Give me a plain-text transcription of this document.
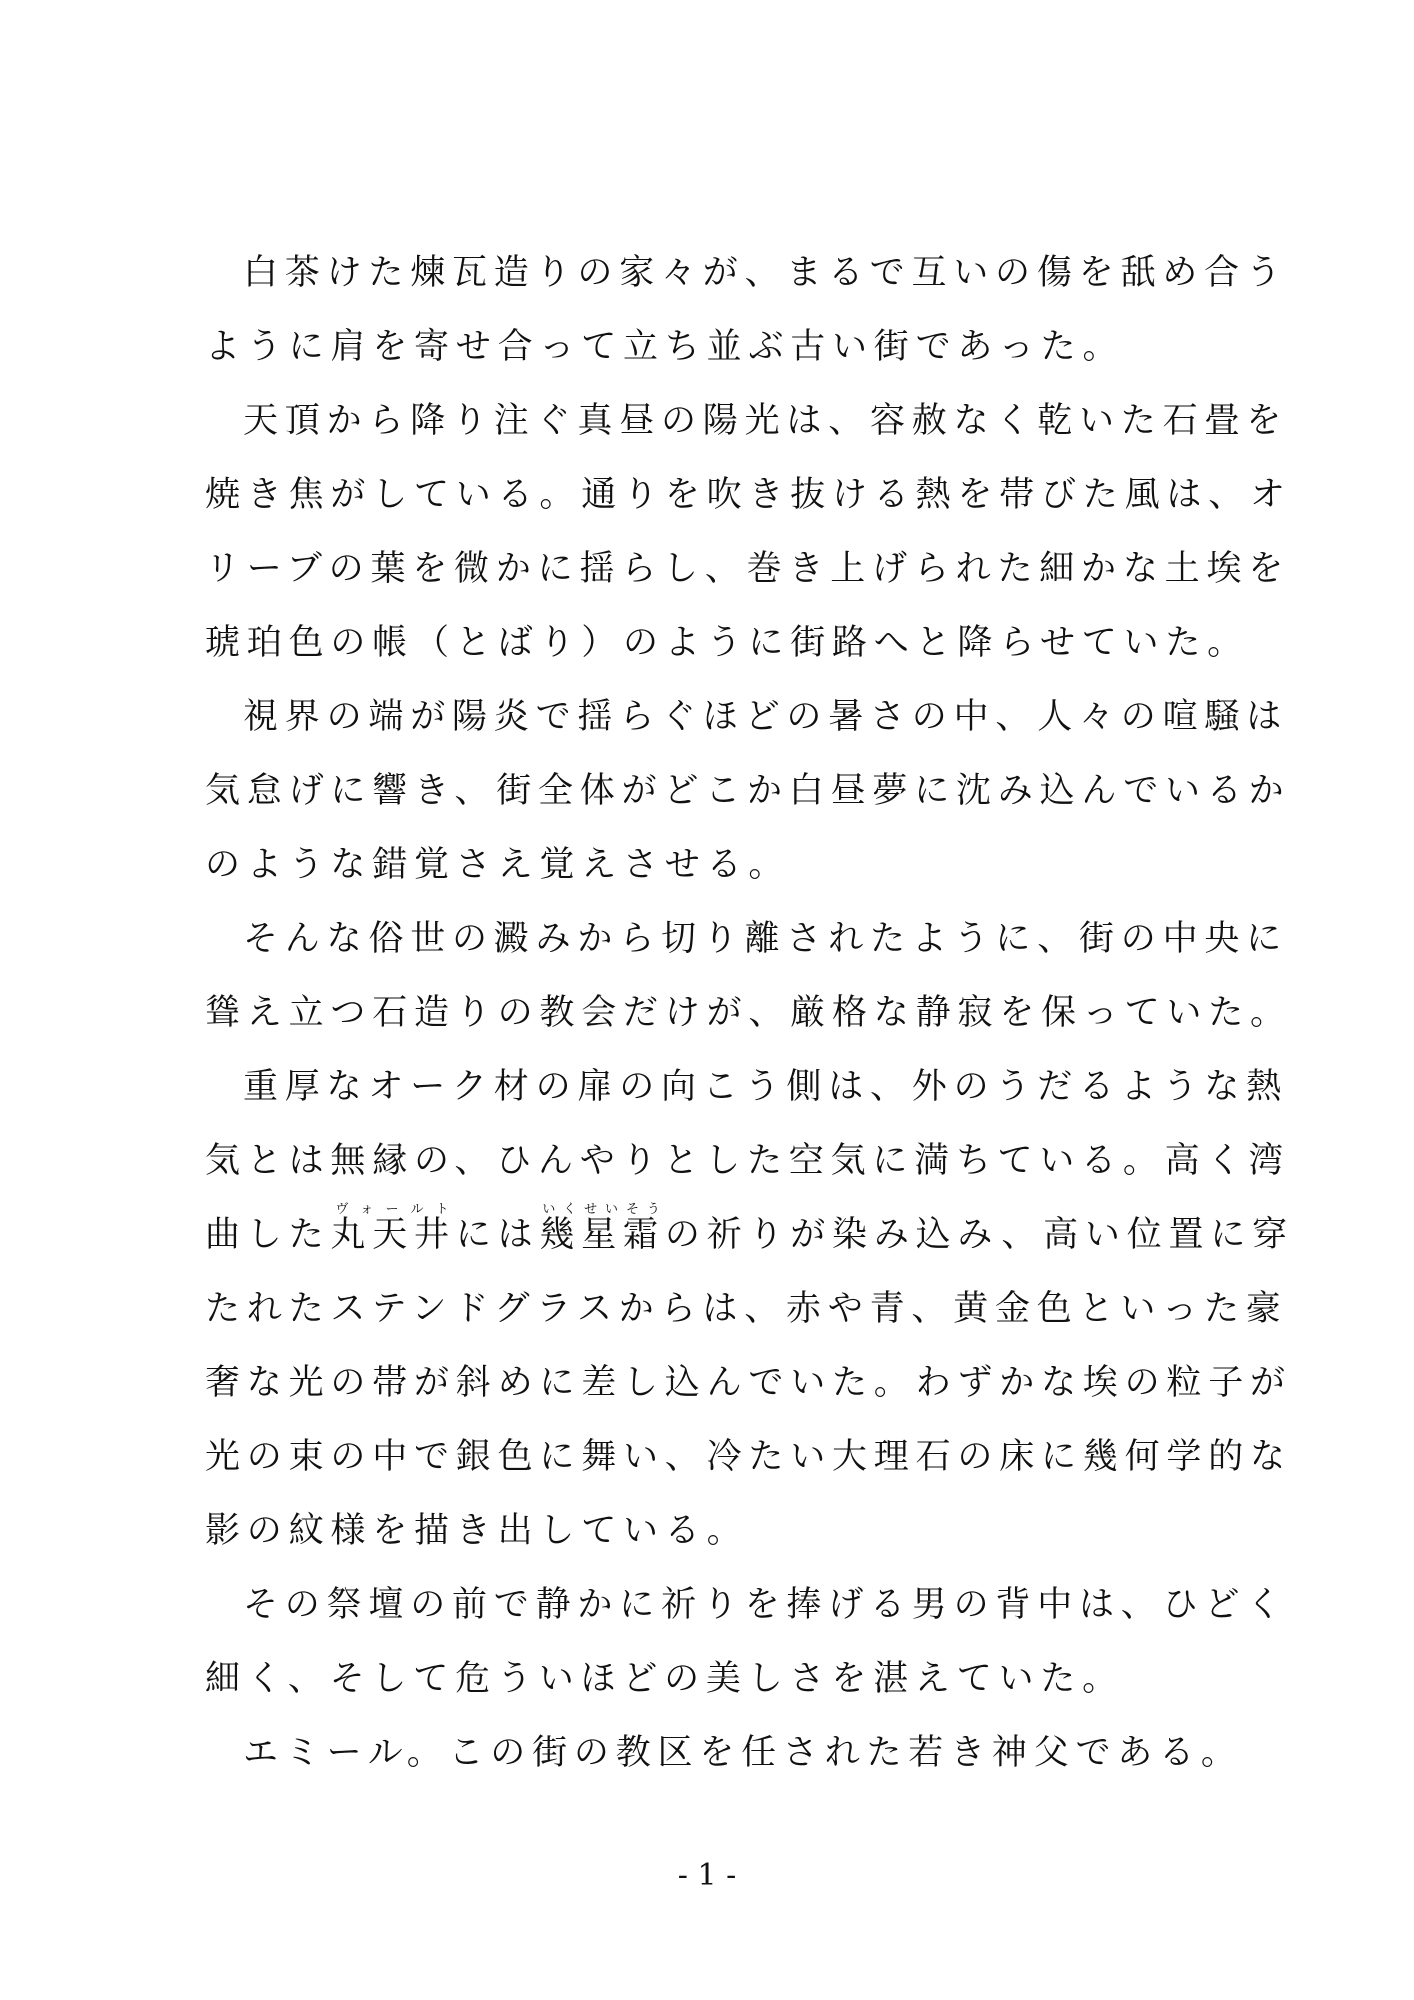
白茶けた煉瓦造りの家々が、まるで互いの傷を舐め合う
ように肩を寄せ合って立ち並ぶ古い街であった。
天頂から降り注ぐ真昼の陽光は、容赦なく乾いた石畳を
焼き焦がしている。通りを吹き抜ける熱を帯びた風は、オ
リーブの葉を微かに揺らし、巻き上げられた細かな土埃を
琥珀色の帳（とばり）のように街路へと降らせていた。
視界の端が陽炎で揺らぐほどの暑さの中、人々の喧騒は
気怠げに響き、街全体がどこか白昼夢に沈み込んでいるか
のような錯覚さえ覚えさせる。
そんな俗世の澱みから切り離されたように、街の中央に
聳え立つ石造りの教会だけが、厳格な静寂を保っていた。
重厚なオーク材の扉の向こう側は、外のうだるような熱
気とは無縁の、ひんやりとした空気に満ちている。高く湾
曲した丸天井ヴォールトには幾星霜いくせいそうの祈りが染み込み、高い位置に穿
たれたステンドグラスからは、赤や青、黄金色といった豪
奢な光の帯が斜めに差し込んでいた。わずかな埃の粒子が
光の束の中で銀色に舞い、冷たい大理石の床に幾何学的な
影の紋様を描き出している。
その祭壇の前で静かに祈りを捧げる男の背中は、ひどく
細く、そして危ういほどの美しさを湛えていた。
エミール。この街の教区を任された若き神父である。
- 1 -
